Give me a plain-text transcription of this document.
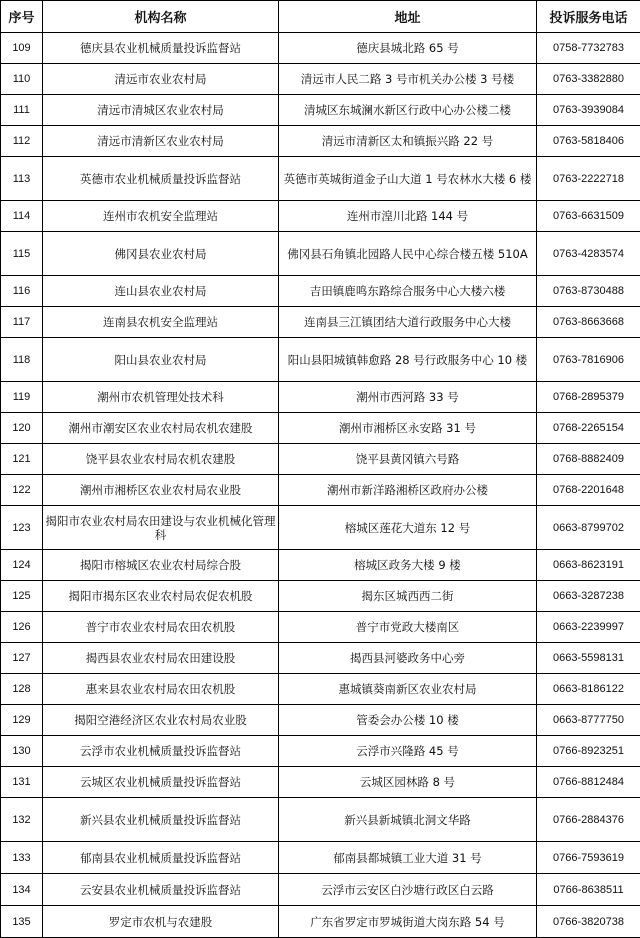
序号	机构名称	地址	投诉服务电话
109	德庆县农业机械质量投诉监督站	德庆县城北路 65 号	0758-7732783
110	清远市农业农村局	清远市人民二路 3 号市机关办公楼 3 号楼	0763-3382880
111	清远市清城区农业农村局	清城区东城澜水新区行政中心办公楼二楼	0763-3939084
112	清远市清新区农业农村局	清远市清新区太和镇振兴路 22 号	0763-5818406
113	英德市农业机械质量投诉监督站	英德市英城街道金子山大道 1 号农林水大楼 6 楼	0763-2222718
114	连州市农机安全监理站	连州市湟川北路 144 号	0763-6631509
115	佛冈县农业农村局	佛冈县石角镇北园路人民中心综合楼五楼 510A	0763-4283574
116	连山县农业农村局	吉田镇鹿鸣东路综合服务中心大楼六楼	0763-8730488
117	连南县农机安全监理站	连南县三江镇团结大道行政服务中心大楼	0763-8663668
118	阳山县农业农村局	阳山县阳城镇韩愈路 28 号行政服务中心 10 楼	0763-7816906
119	潮州市农机管理处技术科	潮州市西河路 33 号	0768-2895379
120	潮州市潮安区农业农村局农机农建股	潮州市湘桥区永安路 31 号	0768-2265154
121	饶平县农业农村局农机农建股	饶平县黄冈镇六号路	0768-8882409
122	潮州市湘桥区农业农村局农业股	潮州市新洋路湘桥区政府办公楼	0768-2201648
123	揭阳市农业农村局农田建设与农业机械化管理科	榕城区莲花大道东 12 号	0663-8799702
124	揭阳市榕城区农业农村局综合股	榕城区政务大楼 9 楼	0663-8623191
125	揭阳市揭东区农业农村局农促农机股	揭东区城西西二街	0663-3287238
126	普宁市农业农村局农田农机股	普宁市党政大楼南区	0663-2239997
127	揭西县农业农村局农田建设股	揭西县河婆政务中心旁	0663-5598131
128	惠来县农业农村局农田农机股	惠城镇葵南新区农业农村局	0663-8186122
129	揭阳空港经济区农业农村局农业股	管委会办公楼 10 楼	0663-8777750
130	云浮市农业机械质量投诉监督站	云浮市兴隆路 45 号	0766-8923251
131	云城区农业机械质量投诉监督站	云城区园林路 8 号	0766-8812484
132	新兴县农业机械质量投诉监督站	新兴县新城镇北洞文华路	0766-2884376
133	郁南县农业机械质量投诉监督站	郁南县都城镇工业大道 31 号	0766-7593619
134	云安县农业机械质量投诉监督站	云浮市云安区白沙塘行政区白云路	0766-8638511
135	罗定市农机与农建股	广东省罗定市罗城街道大岗东路 54 号	0766-3820738
